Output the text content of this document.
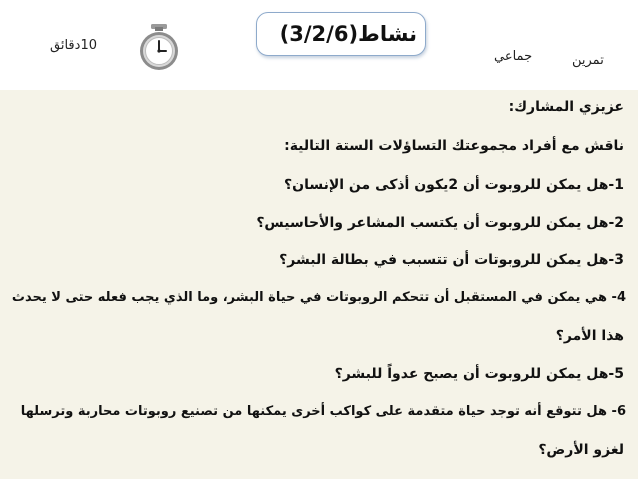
نشاط(3/2/6)
10دقائق
تمرين
جماعي
عزيزي المشارك:
ناقش مع أفراد مجموعتك التساؤلات الستة التالية:
1-هل يمكن للروبوت أن 2يكون أذكى من الإنسان؟
2-هل يمكن للروبوت أن يكتسب المشاعر والأحاسيس؟
3-هل يمكن للروبوتات أن تتسبب في بطالة البشر؟
4- هي يمكن في المستقبل أن تتحكم الروبوتات في حياة البشر، وما الذي يجب فعله حتى لا يحدث
هذا الأمر؟
5-هل يمكن للروبوت أن يصبح عدواً للبشر؟
6- هل تتوقع أنه توجد حياة متقدمة على كواكب أخرى يمكنها من تصنيع روبوتات محاربة وترسلها
لغزو الأرض؟
